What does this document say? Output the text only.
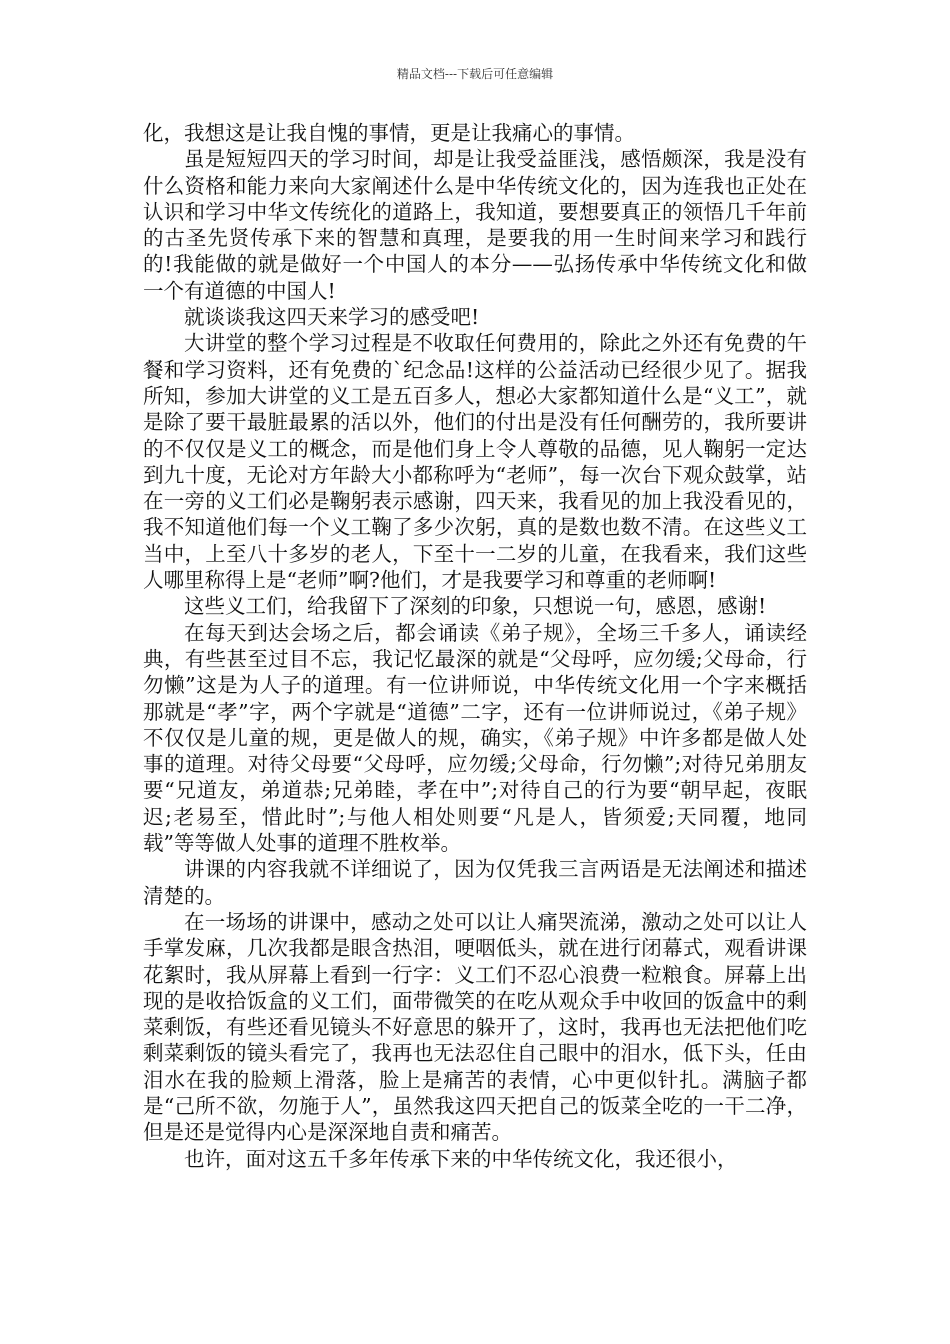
精品文档---下载后可任意编辑

化，我想这是让我自愧的事情，更是让我痛心的事情。

虽是短短四天的学习时间，却是让我受益匪浅，感悟颇深，我是没有什么资格和能力来向大家阐述什么是中华传统文化的，因为连我也正处在认识和学习中华文传统化的道路上，我知道，要想要真正的领悟几千年前的古圣先贤传承下来的智慧和真理，是要我的用一生时间来学习和践行的!我能做的就是做好一个中国人的本分——弘扬传承中华传统文化和做一个有道德的中国人!

就谈谈我这四天来学习的感受吧!

大讲堂的整个学习过程是不收取任何费用的，除此之外还有免费的午餐和学习资料，还有免费的`纪念品!这样的公益活动已经很少见了。据我所知，参加大讲堂的义工是五百多人，想必大家都知道什么是“义工”，就是除了要干最脏最累的活以外，他们的付出是没有任何酬劳的，我所要讲的不仅仅是义工的概念，而是他们身上令人尊敬的品德，见人鞠躬一定达到九十度，无论对方年龄大小都称呼为“老师”，每一次台下观众鼓掌，站在一旁的义工们必是鞠躬表示感谢，四天来，我看见的加上我没看见的，我不知道他们每一个义工鞠了多少次躬，真的是数也数不清。在这些义工当中，上至八十多岁的老人，下至十一二岁的儿童，在我看来，我们这些人哪里称得上是“老师”啊?他们，才是我要学习和尊重的老师啊!

这些义工们，给我留下了深刻的印象，只想说一句，感恩，感谢!

在每天到达会场之后，都会诵读《弟子规》，全场三千多人，诵读经典，有些甚至过目不忘，我记忆最深的就是“父母呼，应勿缓;父母命，行勿懒”这是为人子的道理。有一位讲师说，中华传统文化用一个字来概括那就是“孝”字，两个字就是“道德”二字，还有一位讲师说过，《弟子规》不仅仅是儿童的规，更是做人的规，确实，《弟子规》中许多都是做人处事的道理。对待父母要“父母呼，应勿缓;父母命，行勿懒”;对待兄弟朋友要“兄道友，弟道恭;兄弟睦，孝在中”;对待自己的行为要“朝早起，夜眠迟;老易至，惜此时”;与他人相处则要“凡是人，皆须爱;天同覆，地同载”等等做人处事的道理不胜枚举。

讲课的内容我就不详细说了，因为仅凭我三言两语是无法阐述和描述清楚的。

在一场场的讲课中，感动之处可以让人痛哭流涕，激动之处可以让人手掌发麻，几次我都是眼含热泪，哽咽低头，就在进行闭幕式，观看讲课花絮时，我从屏幕上看到一行字：义工们不忍心浪费一粒粮食。屏幕上出现的是收拾饭盒的义工们，面带微笑的在吃从观众手中收回的饭盒中的剩菜剩饭，有些还看见镜头不好意思的躲开了，这时，我再也无法把他们吃剩菜剩饭的镜头看完了，我再也无法忍住自己眼中的泪水，低下头，任由泪水在我的脸颊上滑落，脸上是痛苦的表情，心中更似针扎。满脑子都是“己所不欲，勿施于人”，虽然我这四天把自己的饭菜全吃的一干二净，但是还是觉得内心是深深地自责和痛苦。

也许，面对这五千多年传承下来的中华传统文化，我还很小，
